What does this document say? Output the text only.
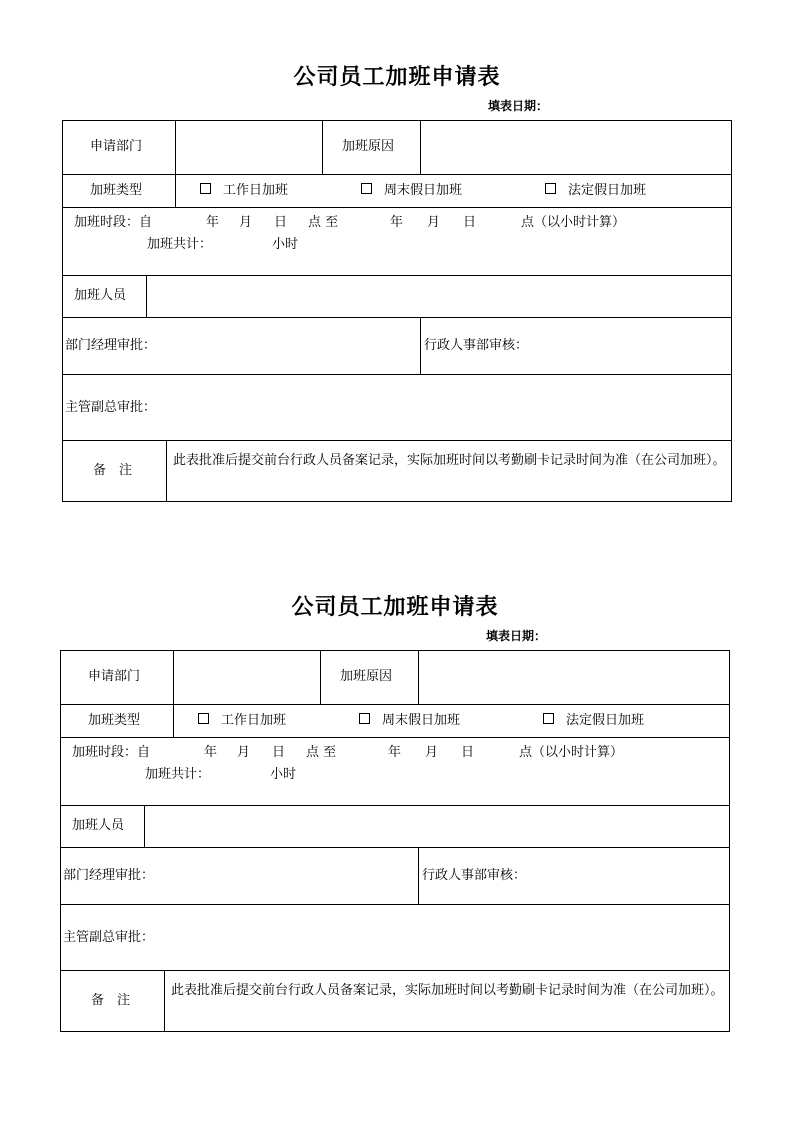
公司员工加班申请表
填表日期：
申请部门	加班原因
加班类型	工作日加班	周末假日加班	法定假日加班
加班时段：自	年 月 日 点 至	年 月 日	点（以小时计算）
加班共计：	小时
加班人员
部门经理审批：	行政人事部审核：
主管副总审批：
备　注
此表批准后提交前台行政人员备案记录，实际加班时间以考勤刷卡记录时间为准（在公司加班）。
公司员工加班申请表
填表日期：
申请部门	加班原因
加班类型	工作日加班	周末假日加班	法定假日加班
加班时段：自	年 月 日 点 至	年 月 日	点（以小时计算）
加班共计：	小时
加班人员
部门经理审批：	行政人事部审核：
主管副总审批：
备　注
此表批准后提交前台行政人员备案记录，实际加班时间以考勤刷卡记录时间为准（在公司加班）。
